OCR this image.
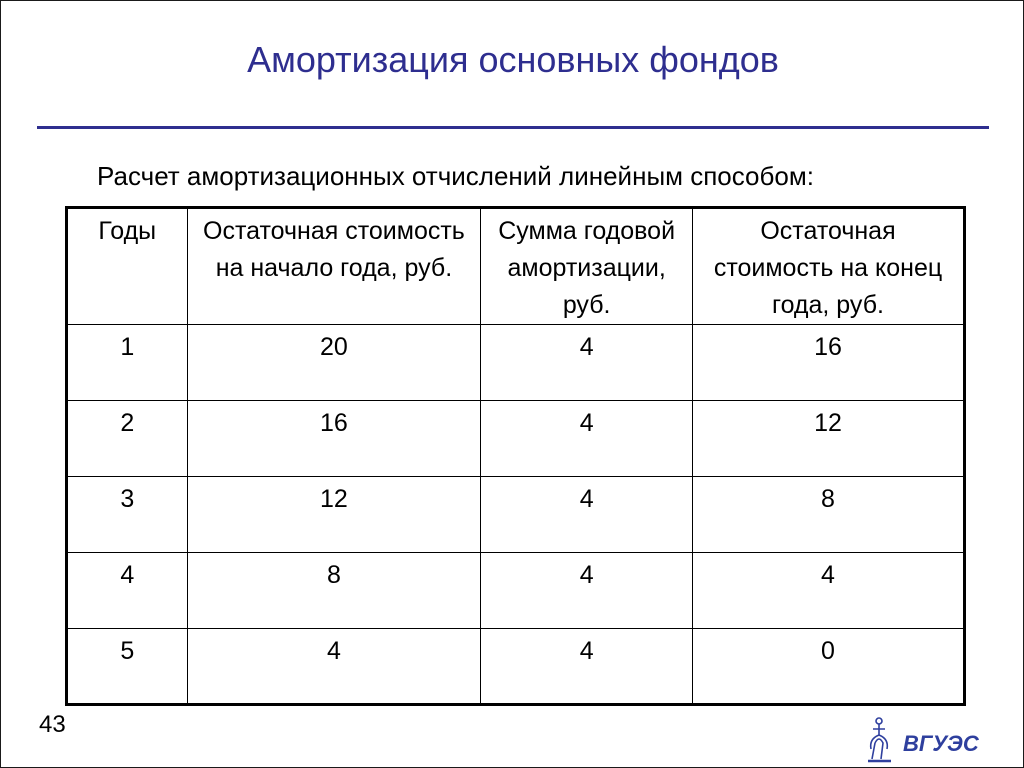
Амортизация основных фондов
Расчет амортизационных отчислений линейным способом:
Годы	Остаточная стоимость на начало года, руб.	Сумма годовой амортизации, руб.	Остаточная стоимость на конец года, руб.
1	20	4	16
2	16	4	12
3	12	4	8
4	8	4	4
5	4	4	0
43
ВГУЭС
